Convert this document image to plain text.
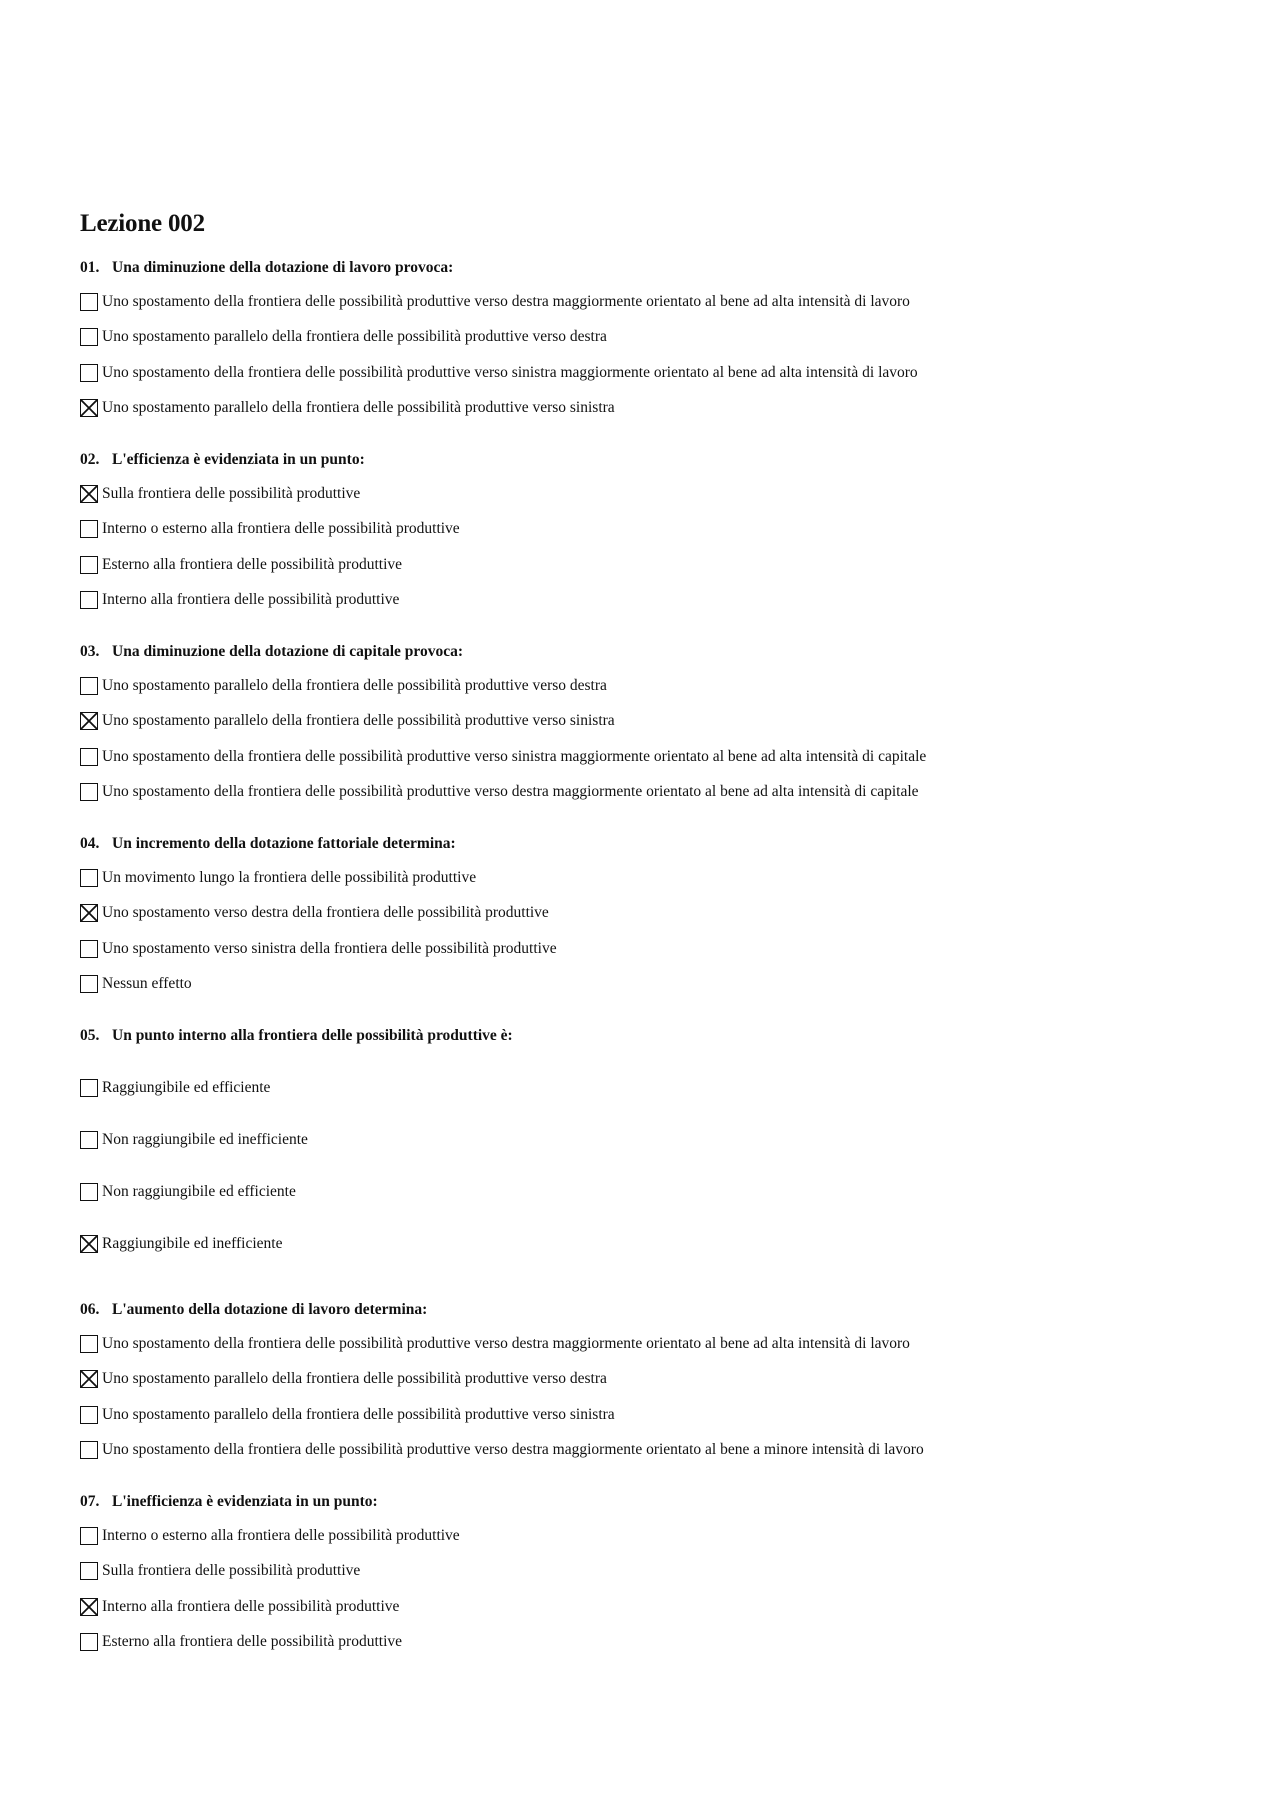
Lezione 002
01. Una diminuzione della dotazione di lavoro provoca:
Uno spostamento della frontiera delle possibilità produttive verso destra maggiormente orientato al bene ad alta intensità di lavoro
Uno spostamento parallelo della frontiera delle possibilità produttive verso destra
Uno spostamento della frontiera delle possibilità produttive verso sinistra maggiormente orientato al bene ad alta intensità di lavoro
Uno spostamento parallelo della frontiera delle possibilità produttive verso sinistra
02. L'efficienza è evidenziata in un punto:
Sulla frontiera delle possibilità produttive
Interno o esterno alla frontiera delle possibilità produttive
Esterno alla frontiera delle possibilità produttive
Interno alla frontiera delle possibilità produttive
03. Una diminuzione della dotazione di capitale provoca:
Uno spostamento parallelo della frontiera delle possibilità produttive verso destra
Uno spostamento parallelo della frontiera delle possibilità produttive verso sinistra
Uno spostamento della frontiera delle possibilità produttive verso sinistra maggiormente orientato al bene ad alta intensità di capitale
Uno spostamento della frontiera delle possibilità produttive verso destra maggiormente orientato al bene ad alta intensità di capitale
04. Un incremento della dotazione fattoriale determina:
Un movimento lungo la frontiera delle possibilità produttive
Uno spostamento verso destra della frontiera delle possibilità produttive
Uno spostamento verso sinistra della frontiera delle possibilità produttive
Nessun effetto
05. Un punto interno alla frontiera delle possibilità produttive è:
Raggiungibile ed efficiente
Non raggiungibile ed inefficiente
Non raggiungibile ed efficiente
Raggiungibile ed inefficiente
06. L'aumento della dotazione di lavoro determina:
Uno spostamento della frontiera delle possibilità produttive verso destra maggiormente orientato al bene ad alta intensità di lavoro
Uno spostamento parallelo della frontiera delle possibilità produttive verso destra
Uno spostamento parallelo della frontiera delle possibilità produttive verso sinistra
Uno spostamento della frontiera delle possibilità produttive verso destra maggiormente orientato al bene a minore intensità di lavoro
07. L'inefficienza è evidenziata in un punto:
Interno o esterno alla frontiera delle possibilità produttive
Sulla frontiera delle possibilità produttive
Interno alla frontiera delle possibilità produttive
Esterno alla frontiera delle possibilità produttive
